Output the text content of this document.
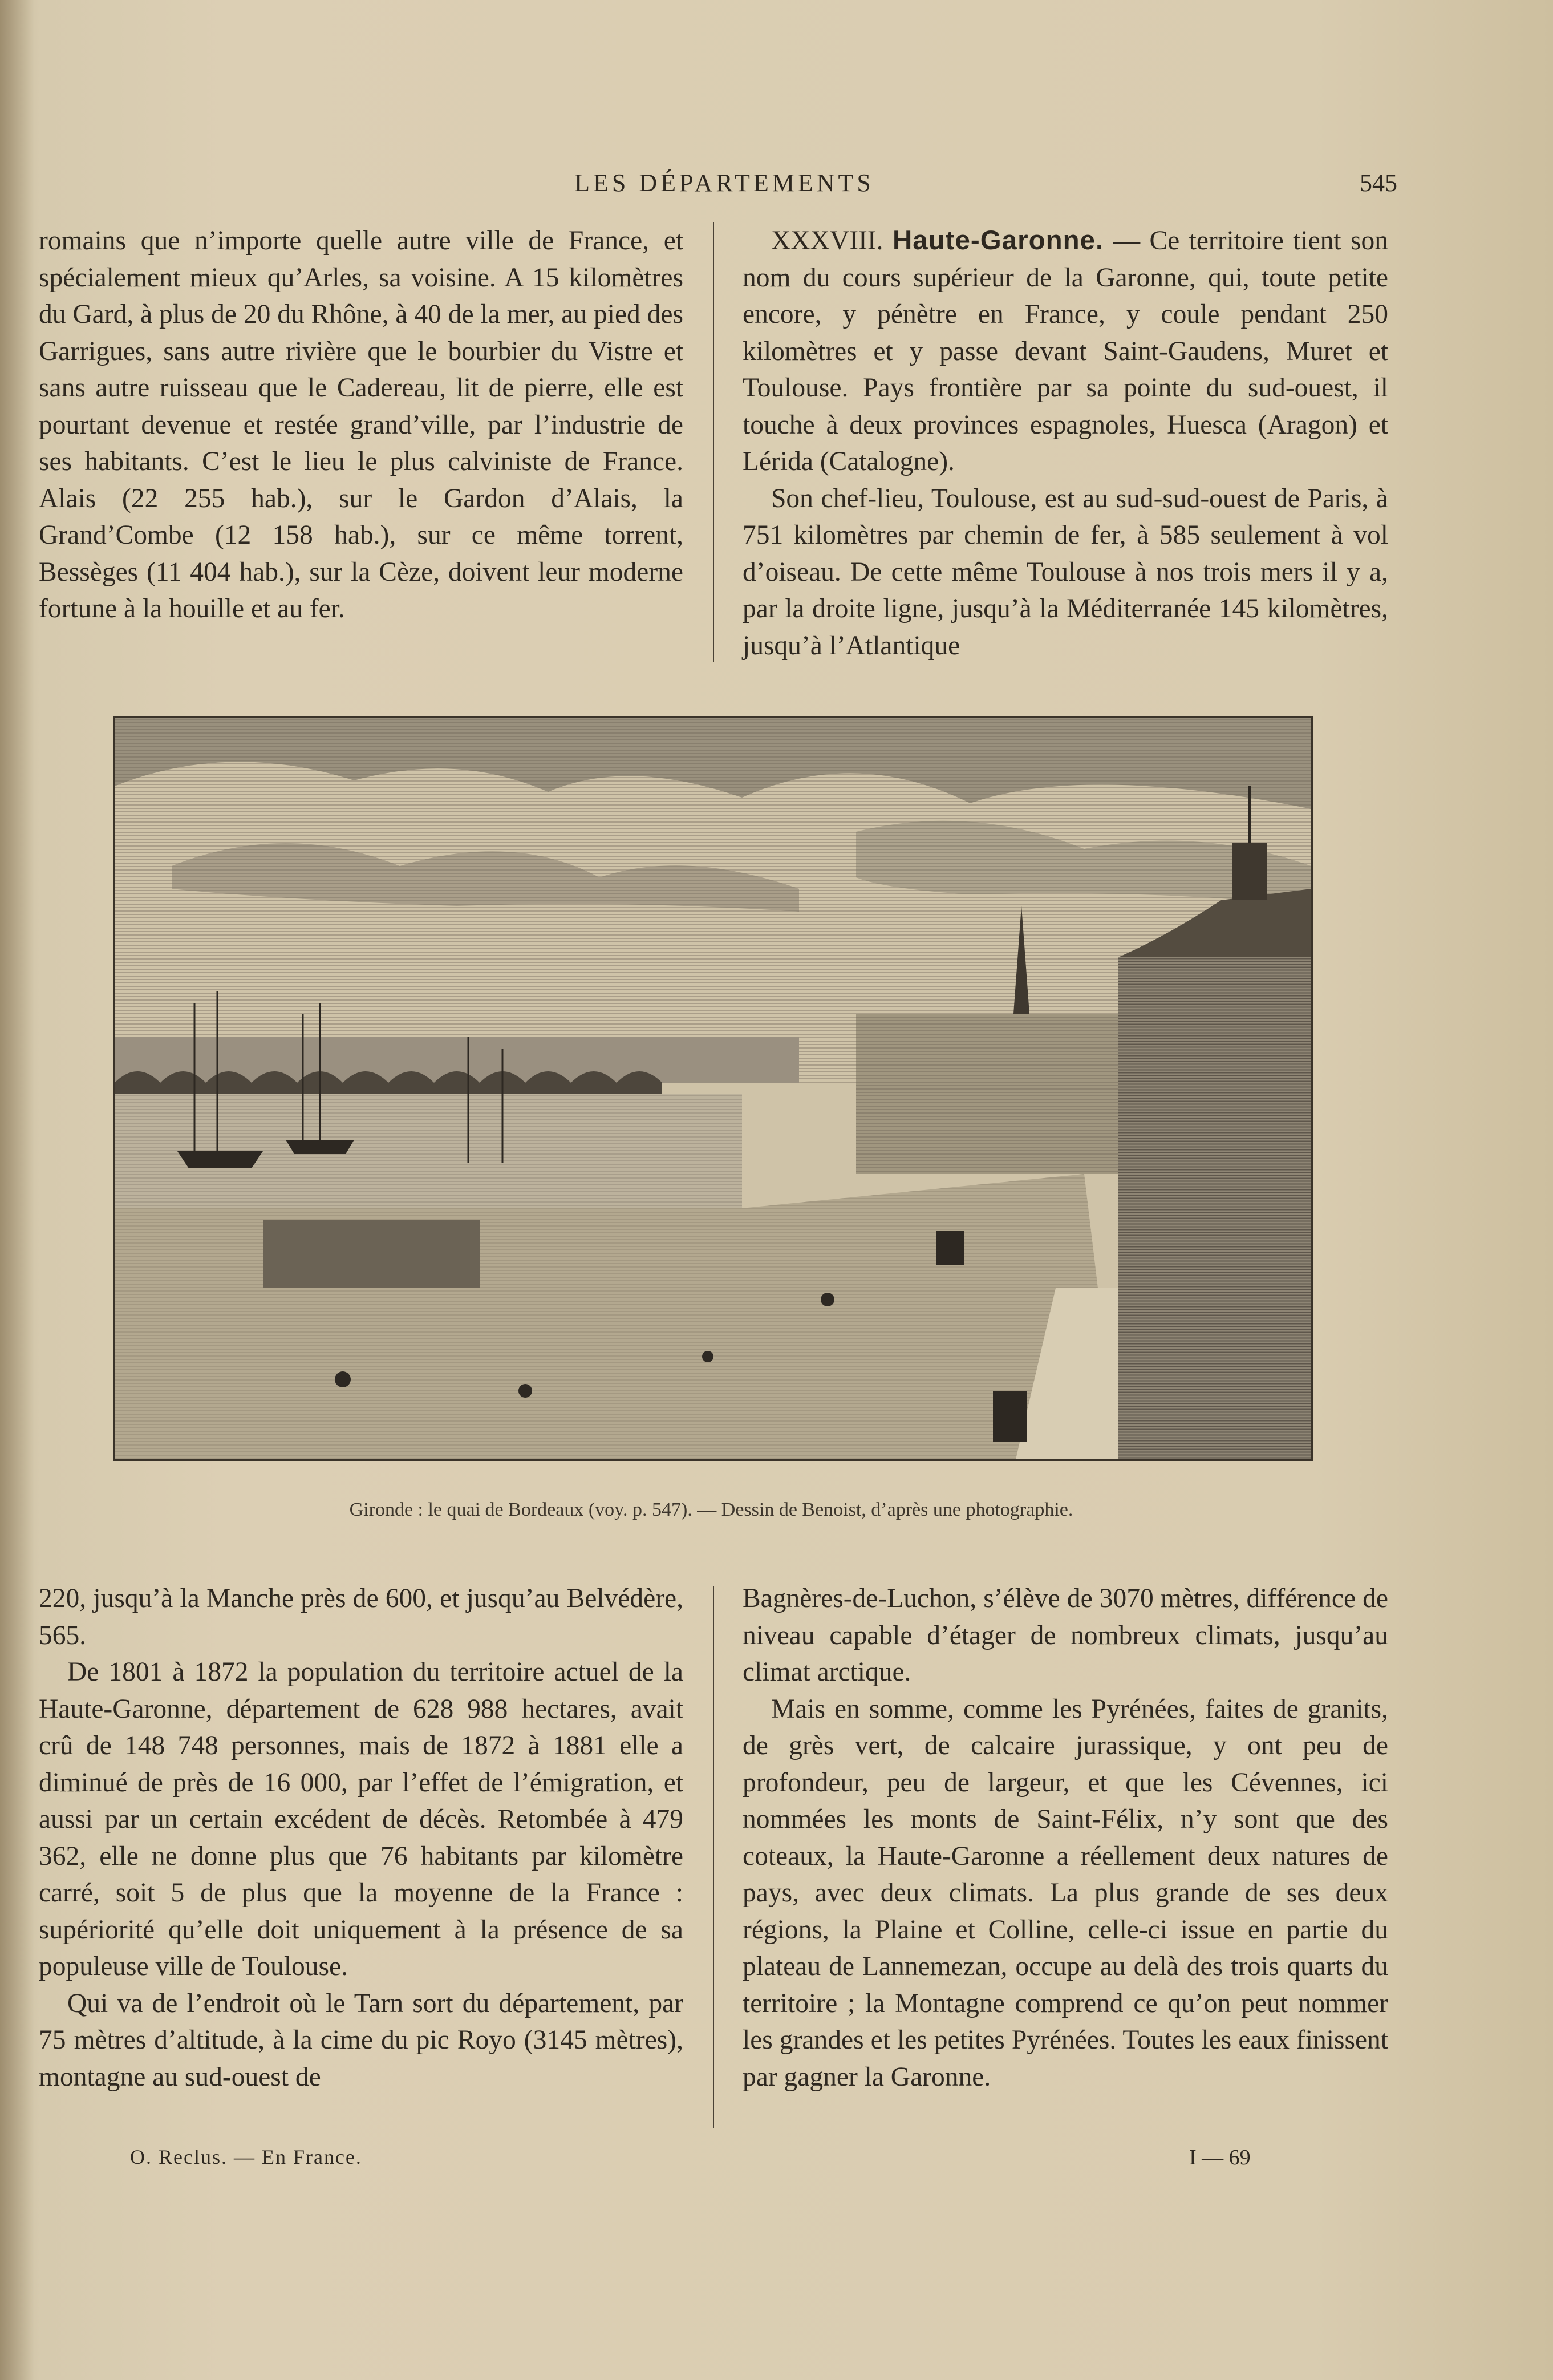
LES DÉPARTEMENTS	545

romains que n’importe quelle autre ville de France, et spécialement mieux qu’Arles, sa voisine. A 15 kilomètres du Gard, à plus de 20 du Rhône, à 40 de la mer, au pied des Garrigues, sans autre rivière que le bourbier du Vistre et sans autre ruisseau que le Cadereau, lit de pierre, elle est pourtant devenue et restée grand’ville, par l’industrie de ses habitants. C’est le lieu le plus calviniste de France. Alais (22 255 hab.), sur le Gardon d’Alais, la Grand’Combe (12 158 hab.), sur ce même torrent, Bessèges (11 404 hab.), sur la Cèze, doivent leur moderne fortune à la houille et au fer.

XXXVIII. Haute-Garonne. — Ce territoire tient son nom du cours supérieur de la Garonne, qui, toute petite encore, y pénètre en France, y coule pendant 250 kilomètres et y passe devant Saint-Gaudens, Muret et Toulouse. Pays frontière par sa pointe du sud-ouest, il touche à deux provinces espagnoles, Huesca (Aragon) et Lérida (Catalogne).

Son chef-lieu, Toulouse, est au sud-sud-ouest de Paris, à 751 kilomètres par chemin de fer, à 585 seulement à vol d’oiseau. De cette même Toulouse à nos trois mers il y a, par la droite ligne, jusqu’à la Méditerranée 145 kilomètres, jusqu’à l’Atlantique

Gironde : le quai de Bordeaux (voy. p. 547). — Dessin de Benoist, d’après une photographie.

220, jusqu’à la Manche près de 600, et jusqu’au Belvédère, 565.

De 1801 à 1872 la population du territoire actuel de la Haute-Garonne, département de 628 988 hectares, avait crû de 148 748 personnes, mais de 1872 à 1881 elle a diminué de près de 16 000, par l’effet de l’émigration, et aussi par un certain excédent de décès. Retombée à 479 362, elle ne donne plus que 76 habitants par kilomètre carré, soit 5 de plus que la moyenne de la France : supériorité qu’elle doit uniquement à la présence de sa populeuse ville de Toulouse.

Qui va de l’endroit où le Tarn sort du département, par 75 mètres d’altitude, à la cime du pic Royo (3145 mètres), montagne au sud-ouest de

Bagnères-de-Luchon, s’élève de 3070 mètres, différence de niveau capable d’étager de nombreux climats, jusqu’au climat arctique.

Mais en somme, comme les Pyrénées, faites de granits, de grès vert, de calcaire jurassique, y ont peu de profondeur, peu de largeur, et que les Cévennes, ici nommées les monts de Saint-Félix, n’y sont que des coteaux, la Haute-Garonne a réellement deux natures de pays, avec deux climats. La plus grande de ses deux régions, la Plaine et Colline, celle-ci issue en partie du plateau de Lannemezan, occupe au delà des trois quarts du territoire ; la Montagne comprend ce qu’on peut nommer les grandes et les petites Pyrénées. Toutes les eaux finissent par gagner la Garonne.

O. Reclus. — En France.	I — 69
